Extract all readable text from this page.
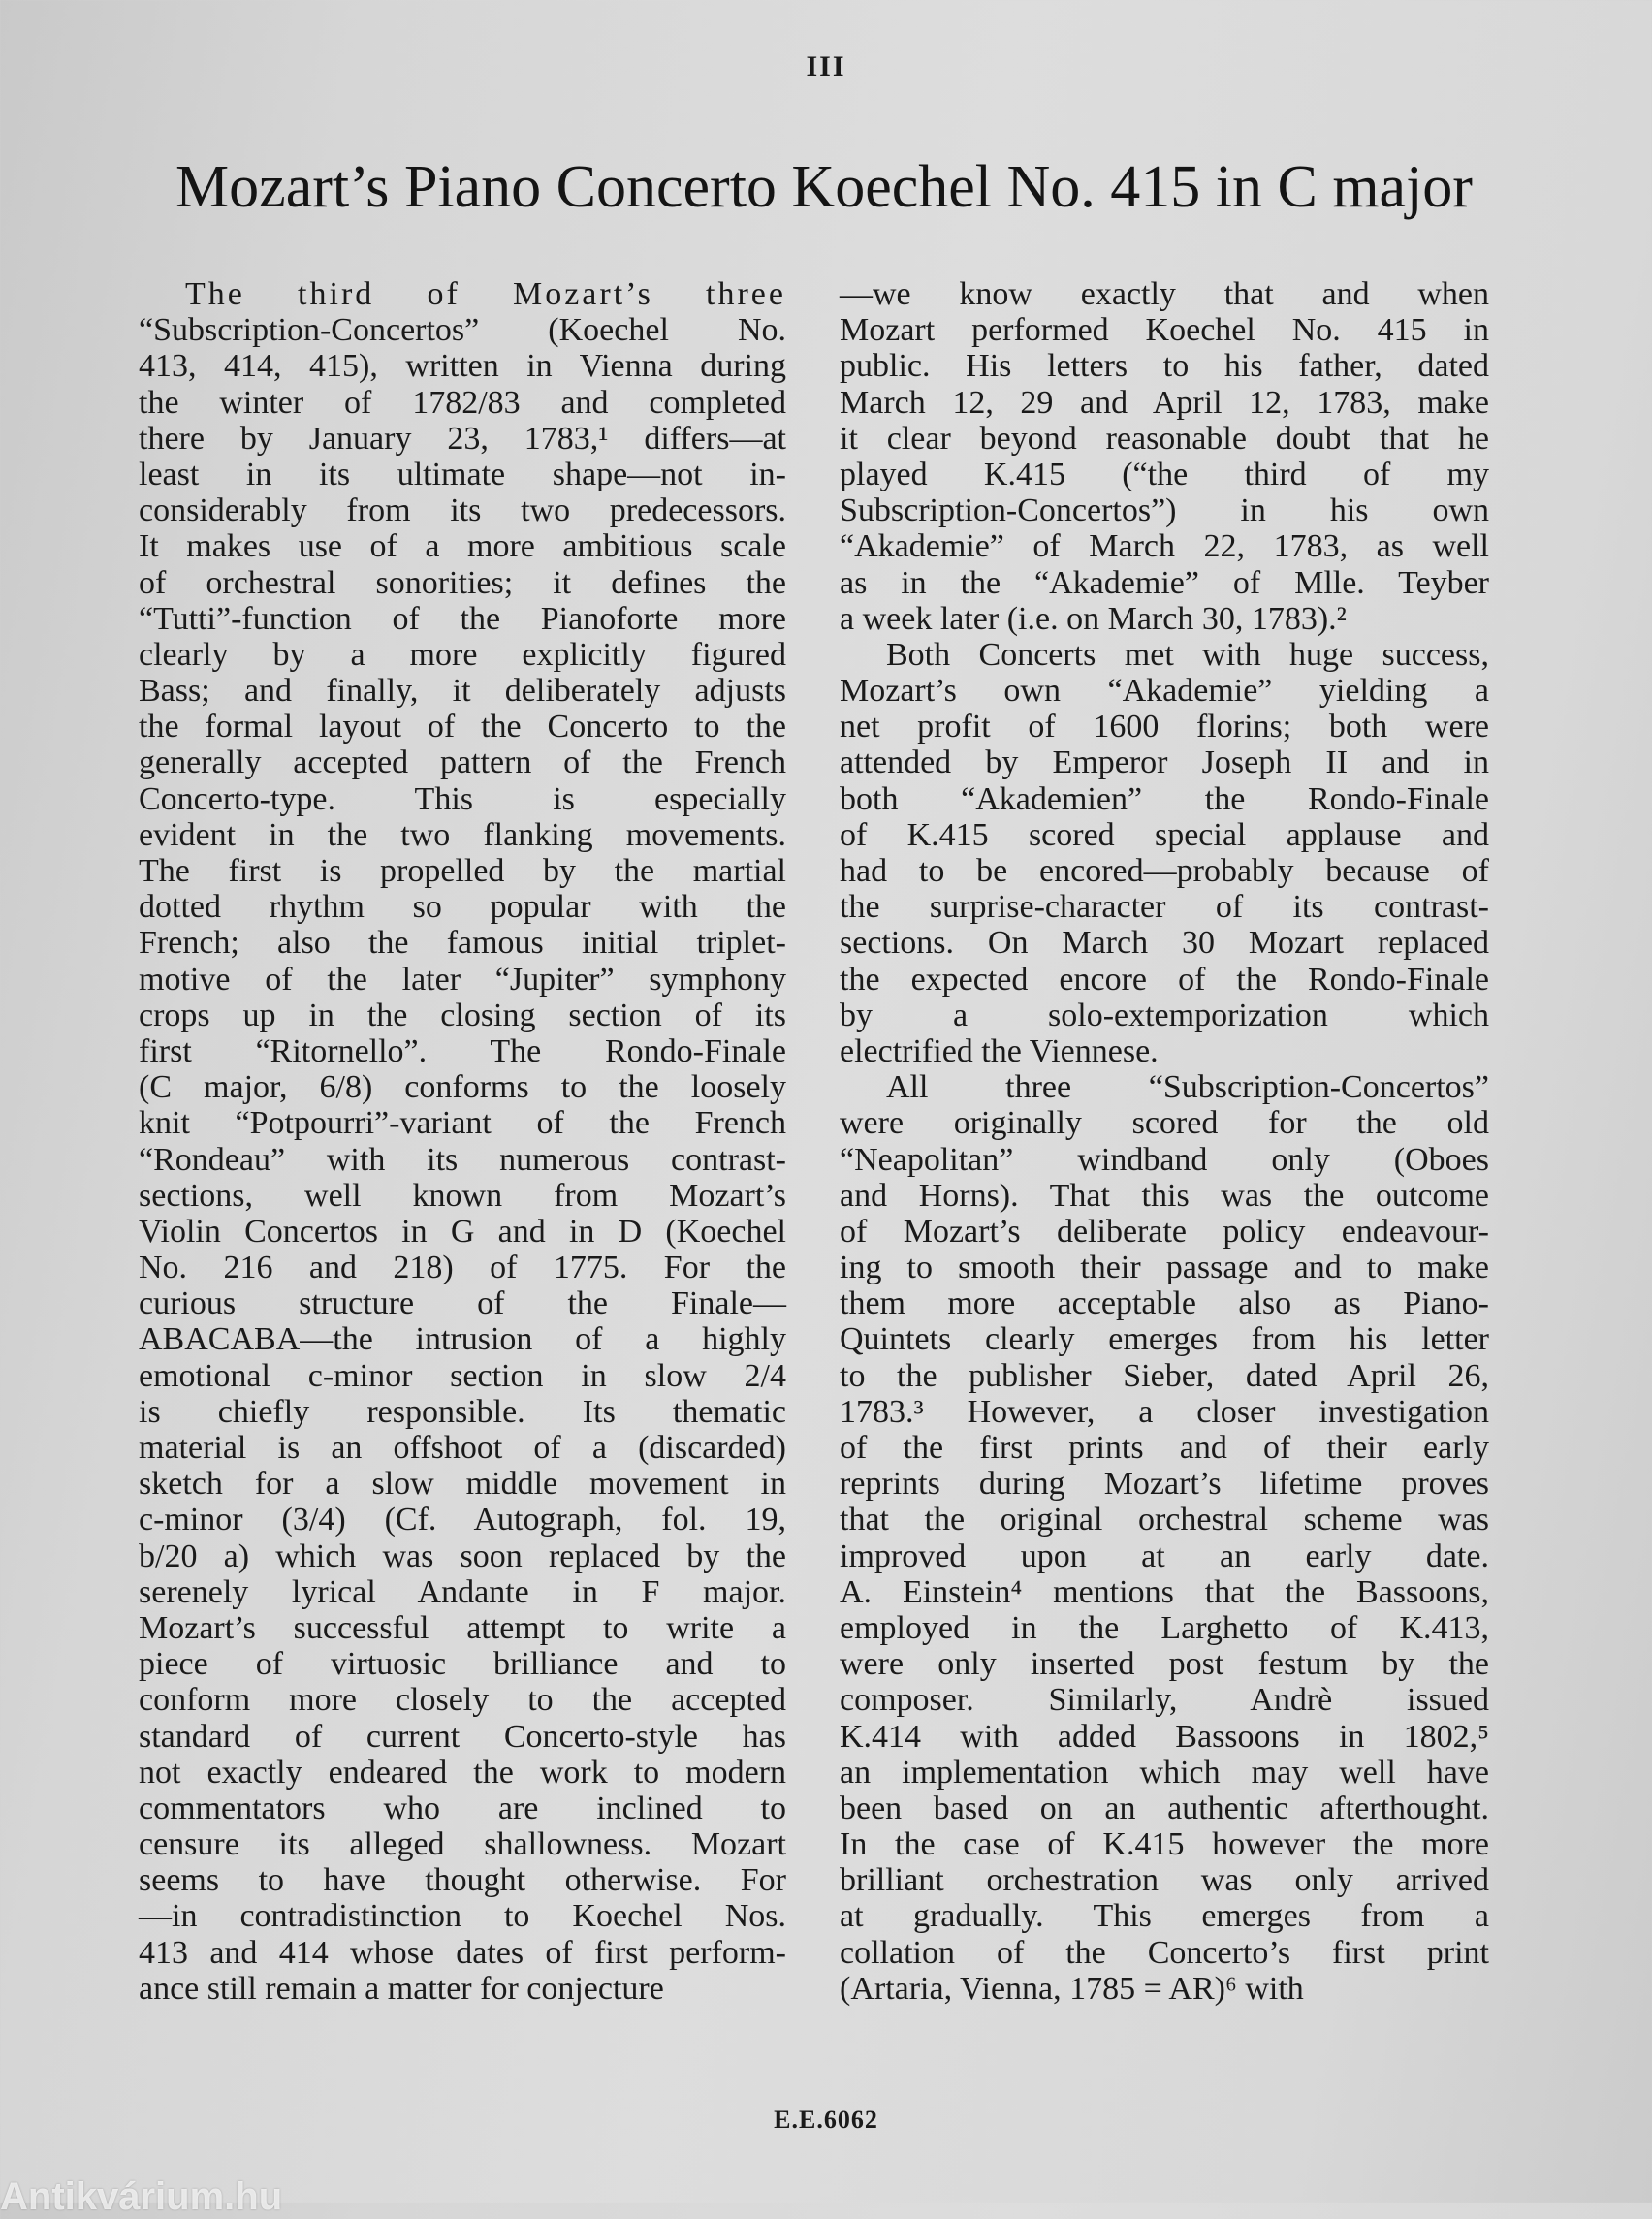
III
Mozart’s Piano Concerto Koechel No. 415 in C major
The third of Mozart’s three
“Subscription-Concertos” (Koechel No.
413, 414, 415), written in Vienna during
the winter of 1782/83 and completed
there by January 23, 1783,¹ differs—at
least in its ultimate shape—not in-
considerably from its two predecessors.
It makes use of a more ambitious scale
of orchestral sonorities; it defines the
“Tutti”-function of the Pianoforte more
clearly by a more explicitly figured
Bass; and finally, it deliberately adjusts
the formal layout of the Concerto to the
generally accepted pattern of the French
Concerto-type. This is especially
evident in the two flanking movements.
The first is propelled by the martial
dotted rhythm so popular with the
French; also the famous initial triplet-
motive of the later “Jupiter” symphony
crops up in the closing section of its
first “Ritornello”. The Rondo-Finale
(C major, 6/8) conforms to the loosely
knit “Potpourri”-variant of the French
“Rondeau” with its numerous contrast-
sections, well known from Mozart’s
Violin Concertos in G and in D (Koechel
No. 216 and 218) of 1775. For the
curious structure of the Finale—
ABACABA—the intrusion of a highly
emotional c-minor section in slow 2/4
is chiefly responsible. Its thematic
material is an offshoot of a (discarded)
sketch for a slow middle movement in
c-minor (3/4) (Cf. Autograph, fol. 19,
b/20 a) which was soon replaced by the
serenely lyrical Andante in F major.
Mozart’s successful attempt to write a
piece of virtuosic brilliance and to
conform more closely to the accepted
standard of current Concerto-style has
not exactly endeared the work to modern
commentators who are inclined to
censure its alleged shallowness. Mozart
seems to have thought otherwise. For
—in contradistinction to Koechel Nos.
413 and 414 whose dates of first perform-
ance still remain a matter for conjecture
—we know exactly that and when
Mozart performed Koechel No. 415 in
public. His letters to his father, dated
March 12, 29 and April 12, 1783, make
it clear beyond reasonable doubt that he
played K.415 (“the third of my
Subscription-Concertos”) in his own
“Akademie” of March 22, 1783, as well
as in the “Akademie” of Mlle. Teyber
a week later (i.e. on March 30, 1783).²
Both Concerts met with huge success,
Mozart’s own “Akademie” yielding a
net profit of 1600 florins; both were
attended by Emperor Joseph II and in
both “Akademien” the Rondo-Finale
of K.415 scored special applause and
had to be encored—probably because of
the surprise-character of its contrast-
sections. On March 30 Mozart replaced
the expected encore of the Rondo-Finale
by a solo-extemporization which
electrified the Viennese.
All three “Subscription-Concertos”
were originally scored for the old
“Neapolitan” windband only (Oboes
and Horns). That this was the outcome
of Mozart’s deliberate policy endeavour-
ing to smooth their passage and to make
them more acceptable also as Piano-
Quintets clearly emerges from his letter
to the publisher Sieber, dated April 26,
1783.³ However, a closer investigation
of the first prints and of their early
reprints during Mozart’s lifetime proves
that the original orchestral scheme was
improved upon at an early date.
A. Einstein⁴ mentions that the Bassoons,
employed in the Larghetto of K.413,
were only inserted post festum by the
composer. Similarly, Andrè issued
K.414 with added Bassoons in 1802,⁵
an implementation which may well have
been based on an authentic afterthought.
In the case of K.415 however the more
brilliant orchestration was only arrived
at gradually. This emerges from a
collation of the Concerto’s first print
(Artaria, Vienna, 1785 = AR)⁶ with
E.E.6062
Antikvárium.hu
